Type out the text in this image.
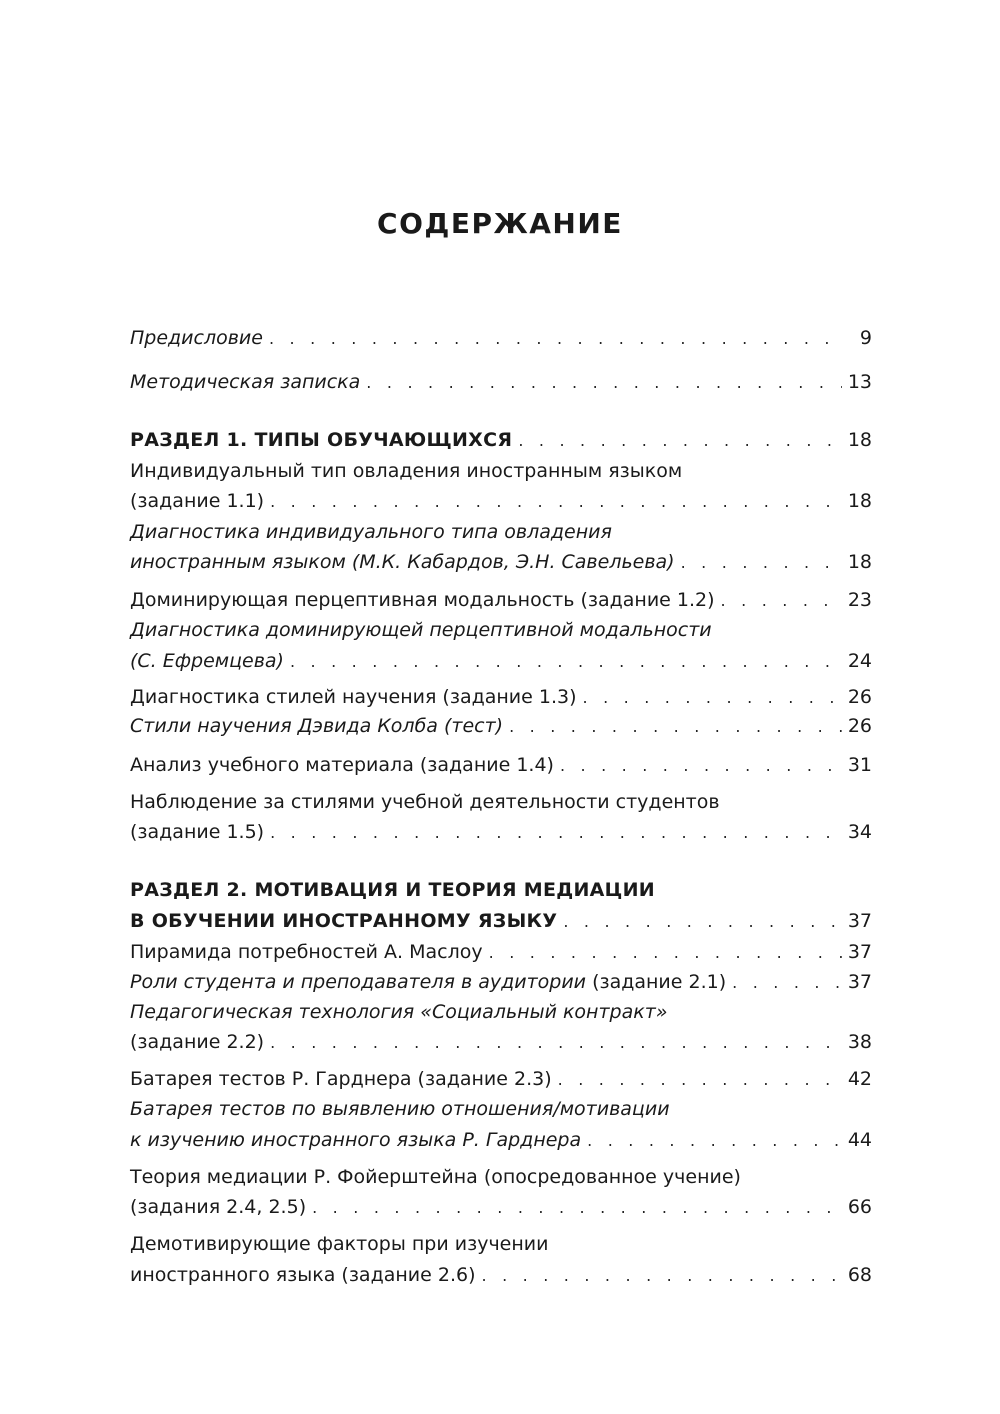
СОДЕРЖАНИЕ
Предисловие . . .	9
Методическая записка . . .	13
РАЗДЕЛ 1. ТИПЫ ОБУЧАЮЩИХСЯ . . .	18
Индивидуальный тип овладения иностранным языком
(задание 1.1) . . .	18
Диагностика индивидуального типа овладения
иностранным языком (М.К. Кабардов, Э.Н. Савельева) . . .	18
Доминирующая перцептивная модальность (задание 1.2) . . .	23
Диагностика доминирующей перцептивной модальности
(С. Ефремцева) . . .	24
Диагностика стилей научения (задание 1.3) . . .	26
Стили научения Дэвида Колба (тест) . . .	26
Анализ учебного материала (задание 1.4) . . .	31
Наблюдение за стилями учебной деятельности студентов
(задание 1.5) . . .	34
РАЗДЕЛ 2. МОТИВАЦИЯ И ТЕОРИЯ МЕДИАЦИИ
В ОБУЧЕНИИ ИНОСТРАННОМУ ЯЗЫКУ . . .	37
Пирамида потребностей А. Маслоу . . .	37
Роли студента и преподавателя в аудитории (задание 2.1) . . .	37
Педагогическая технология «Социальный контракт»
(задание 2.2) . . .	38
Батарея тестов Р. Гарднера (задание 2.3) . . .	42
Батарея тестов по выявлению отношения/мотивации
к изучению иностранного языка Р. Гарднера . . .	44
Теория медиации Р. Фойерштейна (опосредованное учение)
(задания 2.4, 2.5) . . .	66
Демотивирующие факторы при изучении
иностранного языка (задание 2.6) . . .	68
